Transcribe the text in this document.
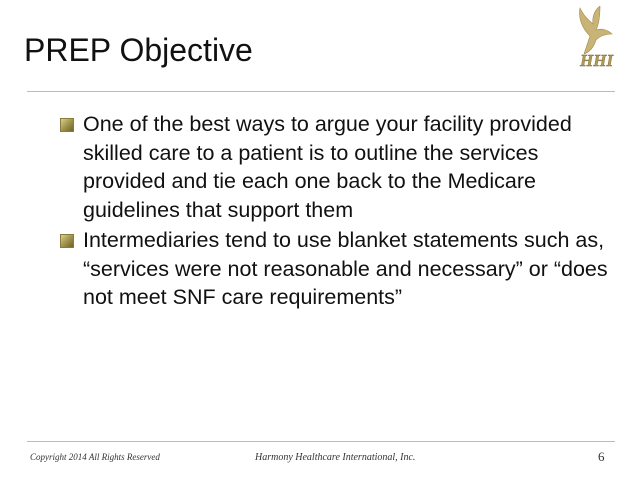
PREP Objective	HHI
One of the best ways to argue your facility provided skilled care to a patient is to outline the services provided and tie each one back to the Medicare guidelines that support them
Intermediaries tend to use blanket statements such as, “services were not reasonable and necessary” or “does not meet SNF care requirements”
Copyright 2014 All Rights Reserved	Harmony Healthcare International, Inc.	6
